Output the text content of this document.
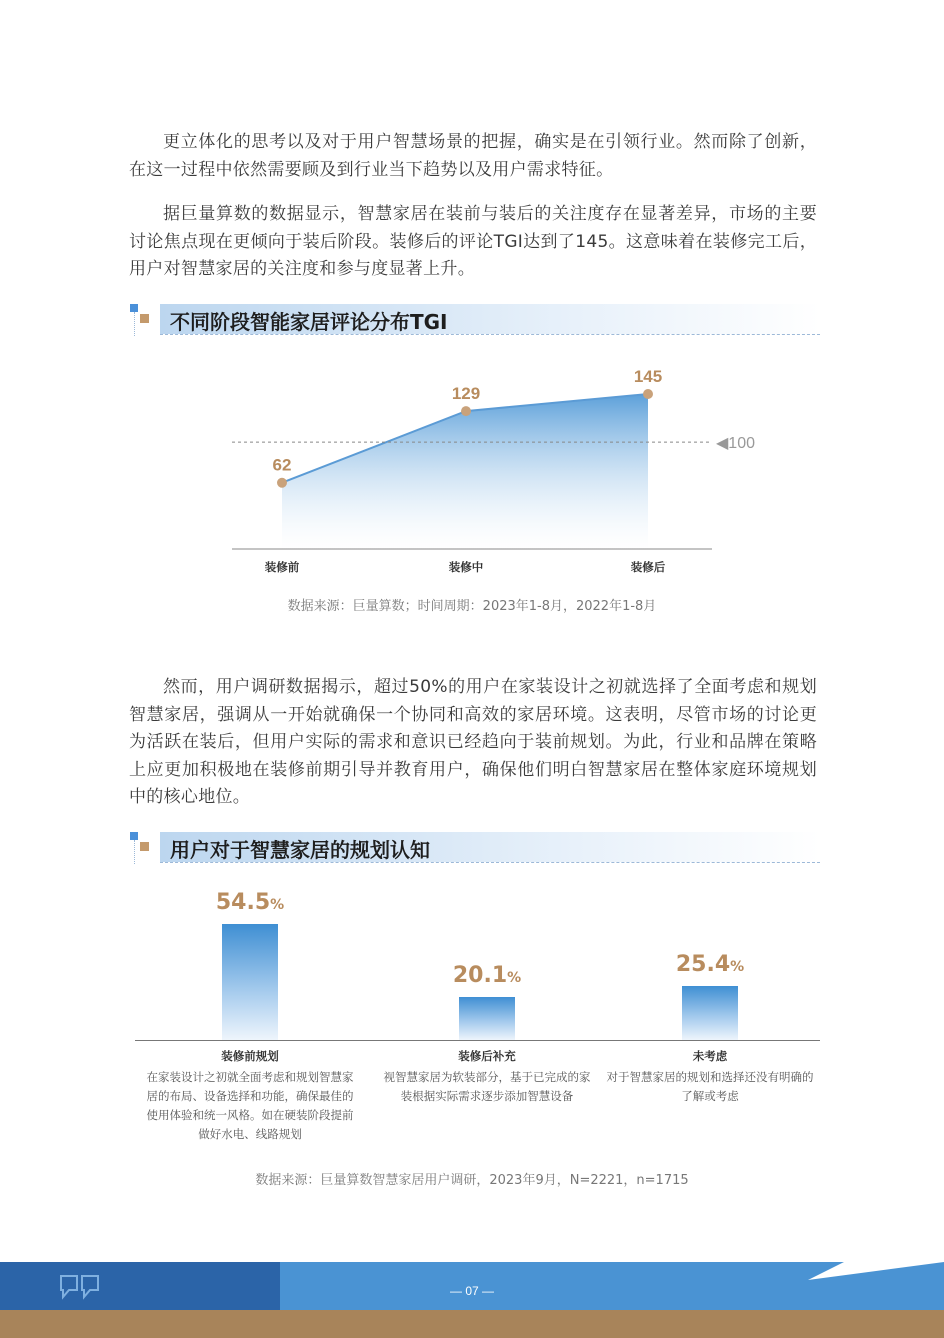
更立体化的思考以及对于用户智慧场景的把握，确实是在引领行业。然而除了创新，在这一过程中依然需要顾及到行业当下趋势以及用户需求特征。

据巨量算数的数据显示，智慧家居在装前与装后的关注度存在显著差异，市场的主要讨论焦点现在更倾向于装后阶段。装修后的评论TGI达到了145。这意味着在装修完工后，用户对智慧家居的关注度和参与度显著上升。

不同阶段智能家居评论分布TGI
◀100
62
装修前
129
装修中
145
装修后
数据来源：巨量算数；时间周期：2023年1-8月，2022年1-8月

然而，用户调研数据揭示，超过50%的用户在家装设计之初就选择了全面考虑和规划智慧家居，强调从一开始就确保一个协同和高效的家居环境。这表明，尽管市场的讨论更为活跃在装后，但用户实际的需求和意识已经趋向于装前规划。为此，行业和品牌在策略上应更加积极地在装修前期引导并教育用户，确保他们明白智慧家居在整体家庭环境规划中的核心地位。

用户对于智慧家居的规划认知
54.5%
装修前规划
在家装设计之初就全面考虑和规划智慧家居的布局、设备选择和功能，确保最佳的使用体验和统一风格。如在硬装阶段提前做好水电、线路规划
20.1%
装修后补充
视智慧家居为软装部分，基于已完成的家装根据实际需求逐步添加智慧设备
25.4%
未考虑
对于智慧家居的规划和选择还没有明确的了解或考虑
数据来源：巨量算数智慧家居用户调研，2023年9月，N=2221，n=1715
— 07 —
